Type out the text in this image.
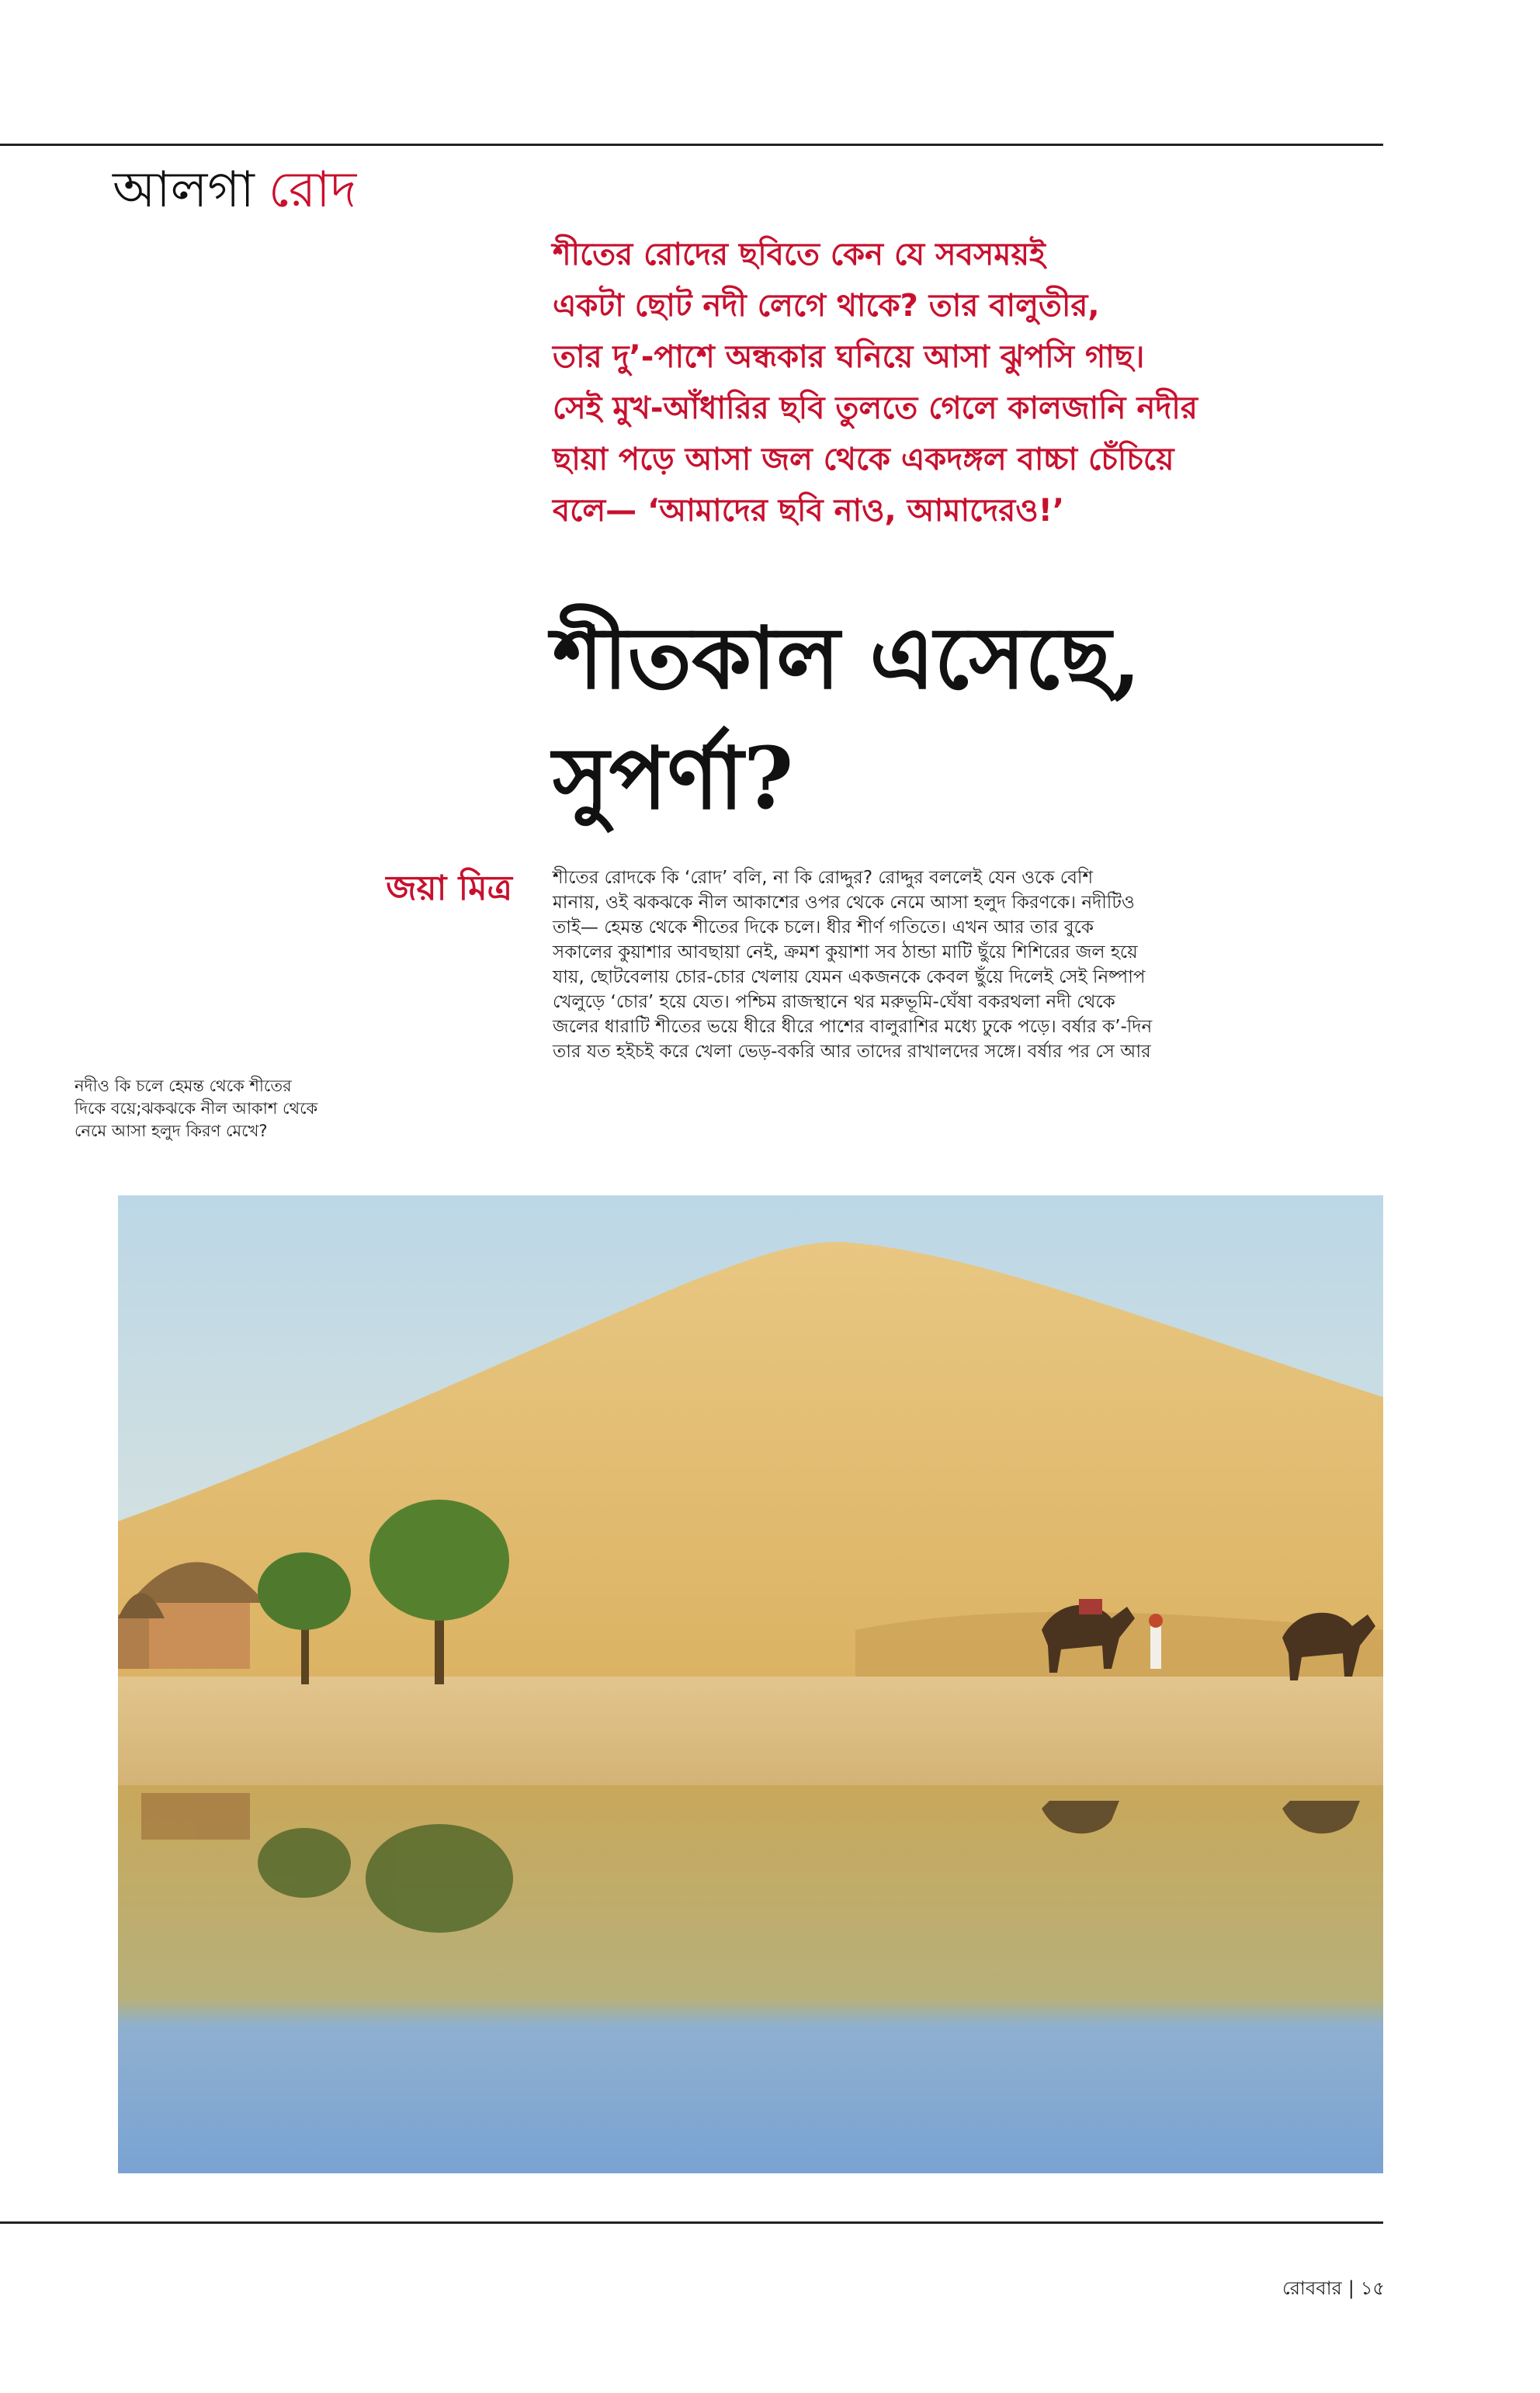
আলগা রোদ
শীতের রোদের ছবিতে কেন যে সবসময়ই
একটা ছোট নদী লেগে থাকে? তার বালুতীর,
তার দু’-পাশে অন্ধকার ঘনিয়ে আসা ঝুপসি গাছ।
সেই মুখ-আঁধারির ছবি তুলতে গেলে কালজানি নদীর
ছায়া পড়ে আসা জল থেকে একদঙ্গল বাচ্চা চেঁচিয়ে
বলে— ‘আমাদের ছবি নাও, আমাদেরও!’
শীতকাল এসেছে,
সুপর্ণা?
জয়া মিত্র
নদীও কি চলে হেমন্ত থেকে শীতের
দিকে বয়ে;ঝকঝকে নীল আকাশ থেকে
নেমে আসা হলুদ কিরণ মেখে?
শীতের রোদকে কি ‘রোদ’ বলি, না কি রোদ্দুর? রোদ্দুর বললেই যেন ওকে বেশি
মানায়, ওই ঝকঝকে নীল আকাশের ওপর থেকে নেমে আসা হলুদ কিরণকে। নদীটিও
তাই— হেমন্ত থেকে শীতের দিকে চলে। ধীর শীর্ণ গতিতে। এখন আর তার বুকে
সকালের কুয়াশার আবছায়া নেই, ক্রমশ কুয়াশা সব ঠান্ডা মাটি ছুঁয়ে শিশিরের জল হয়ে
যায়, ছোটবেলায় চোর-চোর খেলায় যেমন একজনকে কেবল ছুঁয়ে দিলেই সেই নিষ্পাপ
খেলুড়ে ‘চোর’ হয়ে যেত। পশ্চিম রাজস্থানে থর মরুভূমি-ঘেঁষা বকরথলা নদী থেকে
জলের ধারাটি শীতের ভয়ে ধীরে ধীরে পাশের বালুরাশির মধ্যে ঢুকে পড়ে। বর্ষার ক’-দিন
তার যত হইচই করে খেলা ভেড়-বকরি আর তাদের রাখালদের সঙ্গে। বর্ষার পর সে আর
রোববার | ১৫
